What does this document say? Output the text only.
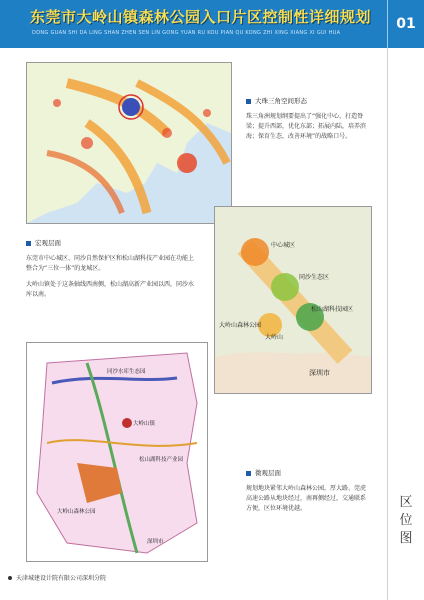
东莞市大岭山镇森林公园入口片区控制性详细规划
DONG GUAN SHI DA LING SHAN ZHEN SEN LIN GONG YUAN RU KOU PIAN QU KONG ZHI XING XIANG XI GUI HUA
01
区位图
大珠三角空间形态

珠三角洲规划纲要提出了“强化中心，打造脊梁；提升西部，优化东部；拓展内陆，培养滨海；保育生态，改善环境”的战略口号。

中心城区
同沙生态区
松山湖科技园区
大岭山森林公园
大岭山
深圳市
宏观层面

东莞市中心城区、同沙自然保护区和松山湖科技产业园在功能上整合为“三位一体”的龙城区。

大岭山镇处于这条轴线西南侧，松山湖高新产业园以西，同沙水库以南。

同沙水库生态园
大岭山镇
松山湖科技产业园
大岭山森林公园
深圳市
微观层面

规划地块紧邻大岭山森林公园，厚大路、莞虎高速公路从地块经过，南再侧经过，交通联系方便，区位环境优越。

天津城建设计院有限公司深圳分院
